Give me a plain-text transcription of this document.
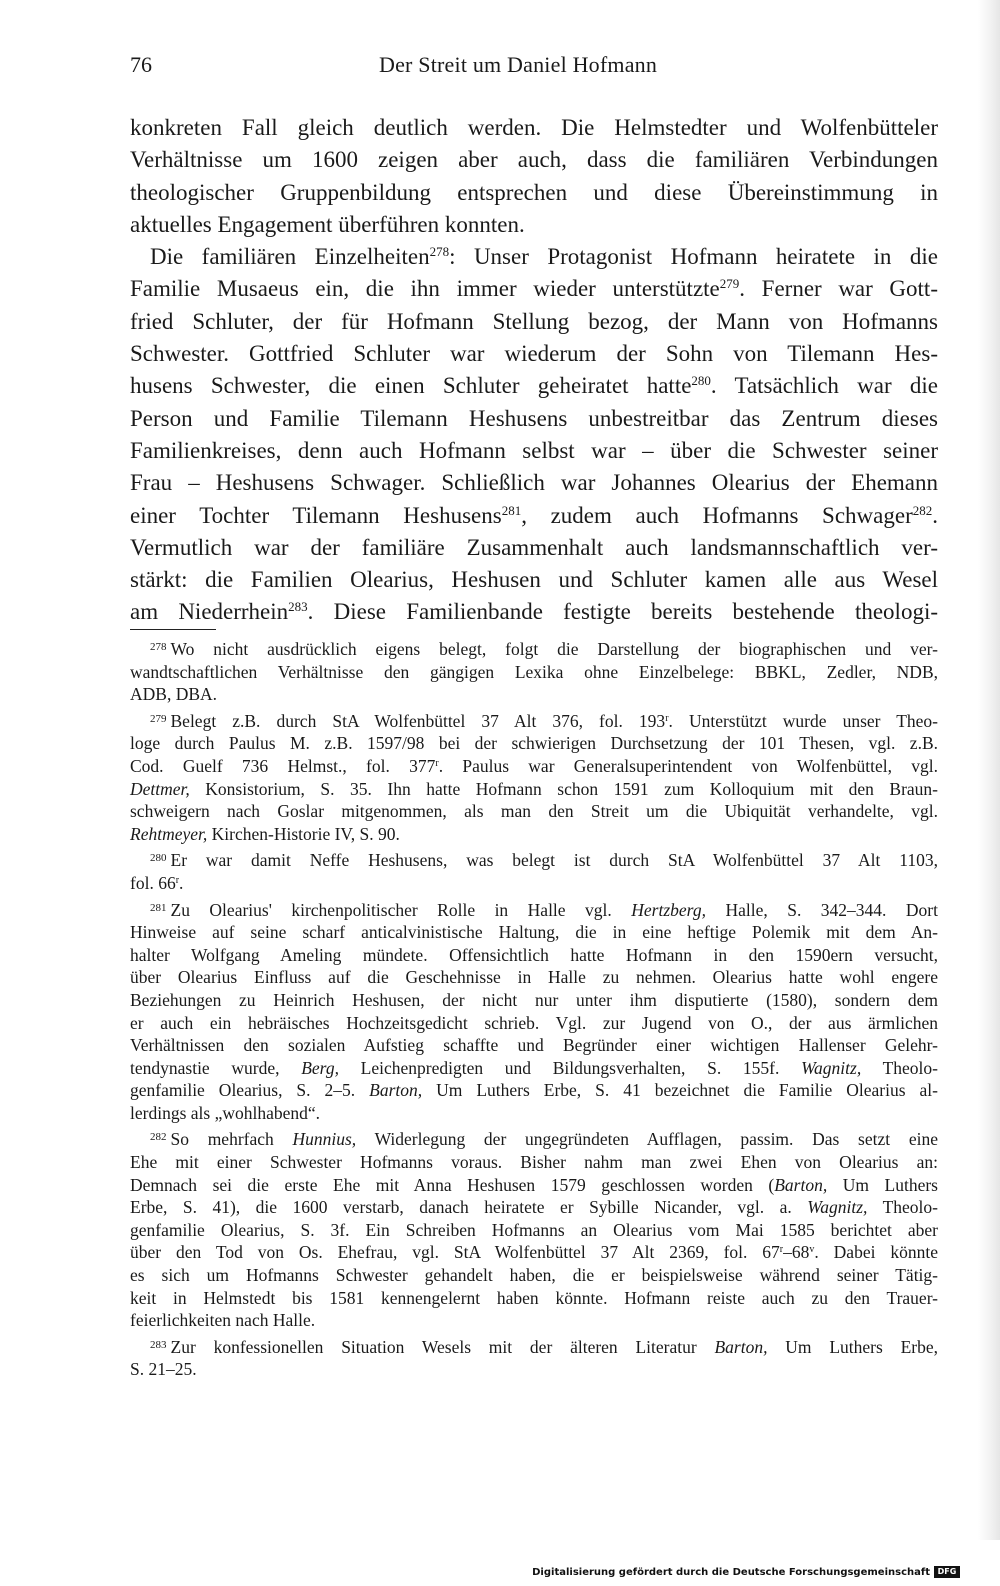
76	Der Streit um Daniel Hofmann
konkreten Fall gleich deutlich werden. Die Helmstedter und Wolfenbütteler
Verhältnisse um 1600 zeigen aber auch, dass die familiären Verbindungen
theologischer Gruppenbildung entsprechen und diese Übereinstimmung in
aktuelles Engagement überführen konnten.
Die familiären Einzelheiten$^{278}$: Unser Protagonist Hofmann heiratete in die
Familie Musaeus ein, die ihn immer wieder unterstützte$^{279}$. Ferner war Gott-
fried Schluter, der für Hofmann Stellung bezog, der Mann von Hofmanns
Schwester. Gottfried Schluter war wiederum der Sohn von Tilemann Hes-
husens Schwester, die einen Schluter geheiratet hatte$^{280}$. Tatsächlich war die
Person und Familie Tilemann Heshusens unbestreitbar das Zentrum dieses
Familienkreises, denn auch Hofmann selbst war – über die Schwester seiner
Frau – Heshusens Schwager. Schließlich war Johannes Olearius der Ehemann
einer Tochter Tilemann Heshusens$^{281}$, zudem auch Hofmanns Schwager$^{282}$.
Vermutlich war der familiäre Zusammenhalt auch landsmannschaftlich ver-
stärkt: die Familien Olearius, Heshusen und Schluter kamen alle aus Wesel
am Niederrhein$^{283}$. Diese Familienbande festigte bereits bestehende theologi-
$^{278}$ Wo nicht ausdrücklich eigens belegt, folgt die Darstellung der biographischen und ver-
wandtschaftlichen Verhältnisse den gängigen Lexika ohne Einzelbelege: BBKL, Zedler, NDB,
ADB, DBA.
$^{279}$ Belegt z.B. durch StA Wolfenbüttel 37 Alt 376, fol. 193$^r$. Unterstützt wurde unser Theo-
loge durch Paulus M. z.B. 1597/98 bei der schwierigen Durchsetzung der 101 Thesen, vgl. z.B.
Cod. Guelf 736 Helmst., fol. 377$^r$. Paulus war Generalsuperintendent von Wolfenbüttel, vgl.
Dettmer, Konsistorium, S. 35. Ihn hatte Hofmann schon 1591 zum Kolloquium mit den Braun-
schweigern nach Goslar mitgenommen, als man den Streit um die Ubiquität verhandelte, vgl.
Rehtmeyer, Kirchen-Historie IV, S. 90.
$^{280}$ Er war damit Neffe Heshusens, was belegt ist durch StA Wolfenbüttel 37 Alt 1103,
fol. 66$^r$.
$^{281}$ Zu Olearius' kirchenpolitischer Rolle in Halle vgl. Hertzberg, Halle, S. 342–344. Dort
Hinweise auf seine scharf anticalvinistische Haltung, die in eine heftige Polemik mit dem An-
halter Wolfgang Ameling mündete. Offensichtlich hatte Hofmann in den 1590ern versucht,
über Olearius Einfluss auf die Geschehnisse in Halle zu nehmen. Olearius hatte wohl engere
Beziehungen zu Heinrich Heshusen, der nicht nur unter ihm disputierte (1580), sondern dem
er auch ein hebräisches Hochzeitsgedicht schrieb. Vgl. zur Jugend von O., der aus ärmlichen
Verhältnissen den sozialen Aufstieg schaffte und Begründer einer wichtigen Hallenser Gelehr-
tendynastie wurde, Berg, Leichenpredigten und Bildungsverhalten, S. 155f. Wagnitz, Theolo-
genfamilie Olearius, S. 2–5. Barton, Um Luthers Erbe, S. 41 bezeichnet die Familie Olearius al-
lerdings als „wohlhabend“.
$^{282}$ So mehrfach Hunnius, Widerlegung der ungegründeten Aufflagen, passim. Das setzt eine
Ehe mit einer Schwester Hofmanns voraus. Bisher nahm man zwei Ehen von Olearius an:
Demnach sei die erste Ehe mit Anna Heshusen 1579 geschlossen worden (Barton, Um Luthers
Erbe, S. 41), die 1600 verstarb, danach heiratete er Sybille Nicander, vgl. a. Wagnitz, Theolo-
genfamilie Olearius, S. 3f. Ein Schreiben Hofmanns an Olearius vom Mai 1585 berichtet aber
über den Tod von Os. Ehefrau, vgl. StA Wolfenbüttel 37 Alt 2369, fol. 67$^r$–68$^v$. Dabei könnte
es sich um Hofmanns Schwester gehandelt haben, die er beispielsweise während seiner Tätig-
keit in Helmstedt bis 1581 kennengelernt haben könnte. Hofmann reiste auch zu den Trauer-
feierlichkeiten nach Halle.
$^{283}$ Zur konfessionellen Situation Wesels mit der älteren Literatur Barton, Um Luthers Erbe,
S. 21–25.
Digitalisierung gefördert durch die Deutsche Forschungsgemeinschaft DFG
